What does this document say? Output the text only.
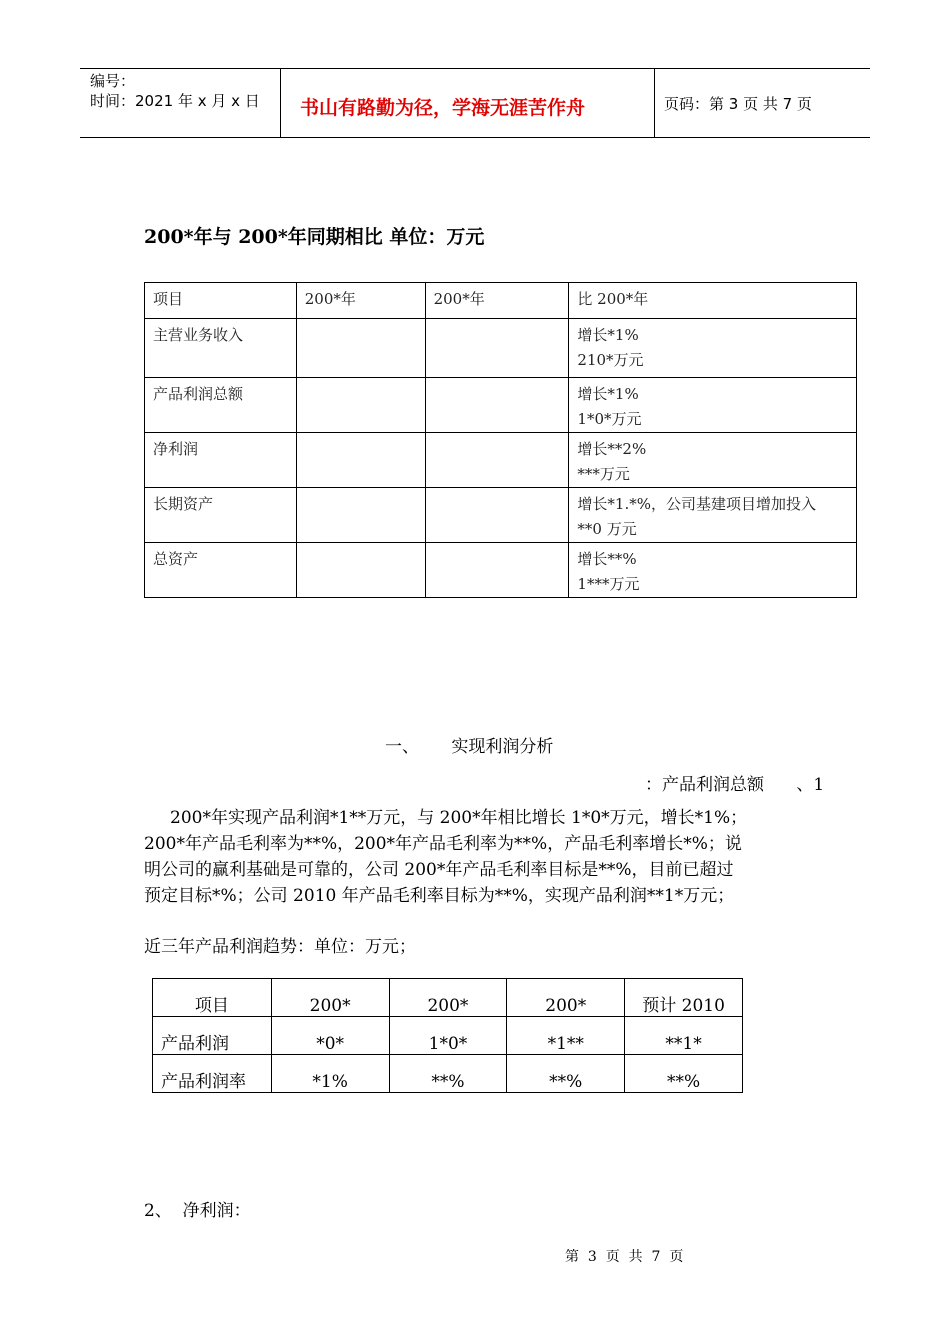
编号：
时间：2021 年 x 月 x 日 书山有路勤为径，学海无涯苦作舟	页码：第 3 页 共 7 页
200*年与 200*年同期相比 单位：万元
项目	200*年	200*年	比 200*年
主营业务收入			增长*1%
210*万元

产品利润总额			增长*1%
1*0*万元

净利润			增长**2%
***万元

长期资产			增长*1.*%，公司基建项目增加投入
**0 万元

总资产			增长**%
1***万元
一、      实现利润分析
：产品利润总额      、1

200*年实现产品利润*1**万元，与 200*年相比增长 1*0*万元，增长*1%；

200*年产品毛利率为**%，200*年产品毛利率为**%，产品毛利率增长*%；说

明公司的赢利基础是可靠的，公司 200*年产品毛利率目标是**%，目前已超过

预定目标*%；公司 2010 年产品毛利率目标为**%，实现产品利润**1*万元；

近三年产品利润趋势：单位：万元；
项目	200*	200*	200*	预计 2010
产品利润	*0*	1*0*	*1**	**1*
产品利润率	*1%	**%	**%	**%
2、  净利润：
第  3  页  共  7  页
